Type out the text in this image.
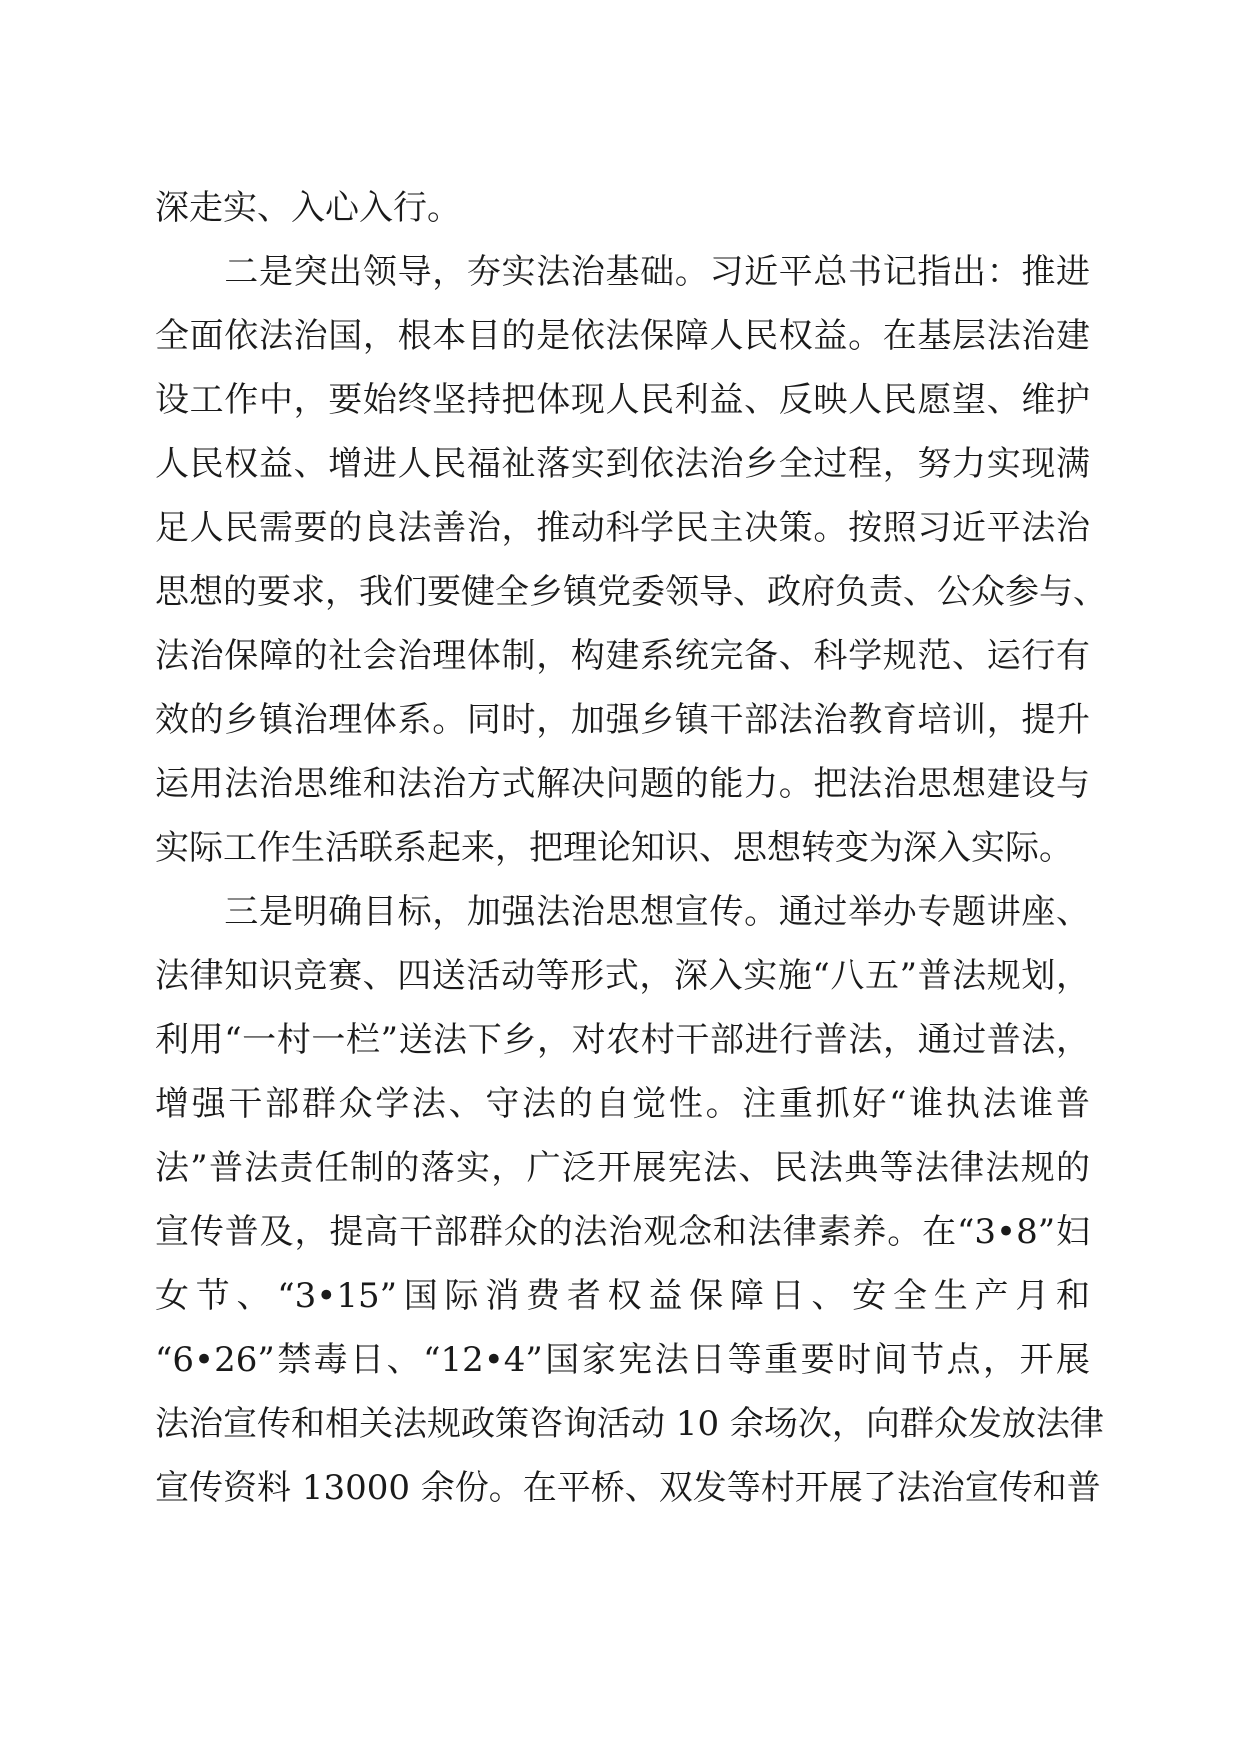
深走实、入心入行。
　　二是突出领导，夯实法治基础。习近平总书记指出：推进
全面依法治国，根本目的是依法保障人民权益。在基层法治建
设工作中，要始终坚持把体现人民利益、反映人民愿望、维护
人民权益、增进人民福祉落实到依法治乡全过程，努力实现满
足人民需要的良法善治，推动科学民主决策。按照习近平法治
思想的要求，我们要健全乡镇党委领导、政府负责、公众参与、
法治保障的社会治理体制，构建系统完备、科学规范、运行有
效的乡镇治理体系。同时，加强乡镇干部法治教育培训，提升
运用法治思维和法治方式解决问题的能力。把法治思想建设与
实际工作生活联系起来，把理论知识、思想转变为深入实际。
　　三是明确目标，加强法治思想宣传。通过举办专题讲座、
法律知识竞赛、四送活动等形式，深入实施“八五”普法规划，
利用“一村一栏”送法下乡，对农村干部进行普法，通过普法，
增强干部群众学法、守法的自觉性。注重抓好“谁执法谁普
法”普法责任制的落实，广泛开展宪法、民法典等法律法规的
宣传普及，提高干部群众的法治观念和法律素养。在“3•8”妇
女节、“3•15”国际消费者权益保障日、安全生产月和
“6•26”禁毒日、“12•4”国家宪法日等重要时间节点，开展
法治宣传和相关法规政策咨询活动 10 余场次，向群众发放法律
宣传资料 13000 余份。在平桥、双发等村开展了法治宣传和普
